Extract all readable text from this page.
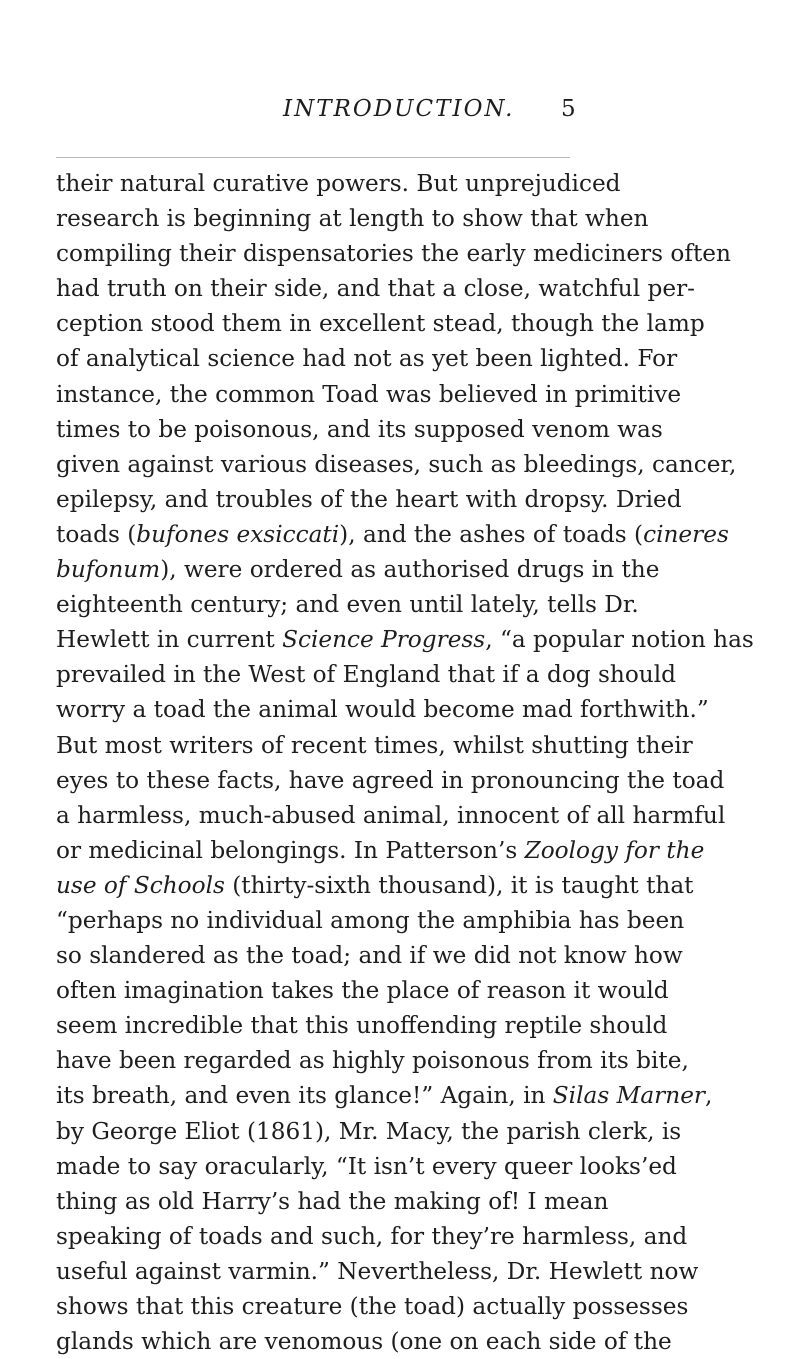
INTRODUCTION. 5
their natural curative powers. But unprejudiced
research is beginning at length to show that when
compiling their dispensatories the early mediciners often
had truth on their side, and that a close, watchful per-
ception stood them in excellent stead, though the lamp
of analytical science had not as yet been lighted. For
instance, the common Toad was believed in primitive
times to be poisonous, and its supposed venom was
given against various diseases, such as bleedings, cancer,
epilepsy, and troubles of the heart with dropsy. Dried
toads (bufones exsiccati), and the ashes of toads (cineres
bufonum), were ordered as authorised drugs in the
eighteenth century; and even until lately, tells Dr.
Hewlett in current Science Progress, “a popular notion has
prevailed in the West of England that if a dog should
worry a toad the animal would become mad forthwith.”
But most writers of recent times, whilst shutting their
eyes to these facts, have agreed in pronouncing the toad
a harmless, much-abused animal, innocent of all harmful
or medicinal belongings. In Patterson’s Zoology for the
use of Schools (thirty-sixth thousand), it is taught that
“perhaps no individual among the amphibia has been
so slandered as the toad; and if we did not know how
often imagination takes the place of reason it would
seem incredible that this unoffending reptile should
have been regarded as highly poisonous from its bite,
its breath, and even its glance!” Again, in Silas Marner,
by George Eliot (1861), Mr. Macy, the parish clerk, is
made to say oracularly, “It isn’t every queer looks’ed
thing as old Harry’s had the making of! I mean
speaking of toads and such, for they’re harmless, and
useful against varmin.” Nevertheless, Dr. Hewlett now
shows that this creature (the toad) actually possesses
glands which are venomous (one on each side of the
